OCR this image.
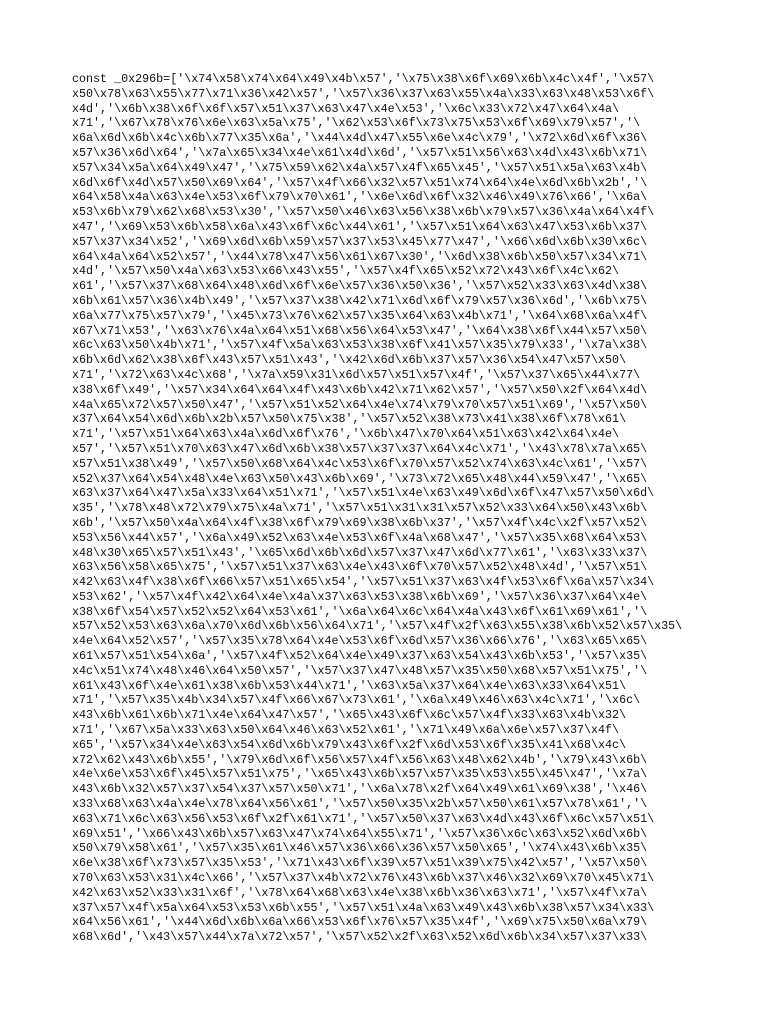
const _0x296b=['\x74\x58\x74\x64\x49\x4b\x57','\x75\x38\x6f\x69\x6b\x4c\x4f','\x57\
x50\x78\x63\x55\x77\x71\x36\x42\x57','\x57\x36\x37\x63\x55\x4a\x33\x63\x48\x53\x6f\
x4d','\x6b\x38\x6f\x6f\x57\x51\x37\x63\x47\x4e\x53','\x6c\x33\x72\x47\x64\x4a\
x71','\x67\x78\x76\x6e\x63\x5a\x75','\x62\x53\x6f\x73\x75\x53\x6f\x69\x79\x57','\
x6a\x6d\x6b\x4c\x6b\x77\x35\x6a','\x44\x4d\x47\x55\x6e\x4c\x79','\x72\x6d\x6f\x36\
x57\x36\x6d\x64','\x7a\x65\x34\x4e\x61\x4d\x6d','\x57\x51\x56\x63\x4d\x43\x6b\x71\
x57\x34\x5a\x64\x49\x47','\x75\x59\x62\x4a\x57\x4f\x65\x45','\x57\x51\x5a\x63\x4b\
x6d\x6f\x4d\x57\x50\x69\x64','\x57\x4f\x66\x32\x57\x51\x74\x64\x4e\x6d\x6b\x2b','\
x64\x58\x4a\x63\x4e\x53\x6f\x79\x70\x61','\x6e\x6d\x6f\x32\x46\x49\x76\x66','\x6a\
x53\x6b\x79\x62\x68\x53\x30','\x57\x50\x46\x63\x56\x38\x6b\x79\x57\x36\x4a\x64\x4f\
x47','\x69\x53\x6b\x58\x6a\x43\x6f\x6c\x44\x61','\x57\x51\x64\x63\x47\x53\x6b\x37\
x57\x37\x34\x52','\x69\x6d\x6b\x59\x57\x37\x53\x45\x77\x47','\x66\x6d\x6b\x30\x6c\
x64\x4a\x64\x52\x57','\x44\x78\x47\x56\x61\x67\x30','\x6d\x38\x6b\x50\x57\x34\x71\
x4d','\x57\x50\x4a\x63\x53\x66\x43\x55','\x57\x4f\x65\x52\x72\x43\x6f\x4c\x62\
x61','\x57\x37\x68\x64\x48\x6d\x6f\x6e\x57\x36\x50\x36','\x57\x52\x33\x63\x4d\x38\
x6b\x61\x57\x36\x4b\x49','\x57\x37\x38\x42\x71\x6d\x6f\x79\x57\x36\x6d','\x6b\x75\
x6a\x77\x75\x57\x79','\x45\x73\x76\x62\x57\x35\x64\x63\x4b\x71','\x64\x68\x6a\x4f\
x67\x71\x53','\x63\x76\x4a\x64\x51\x68\x56\x64\x53\x47','\x64\x38\x6f\x44\x57\x50\
x6c\x63\x50\x4b\x71','\x57\x4f\x5a\x63\x53\x38\x6f\x41\x57\x35\x79\x33','\x7a\x38\
x6b\x6d\x62\x38\x6f\x43\x57\x51\x43','\x42\x6d\x6b\x37\x57\x36\x54\x47\x57\x50\
x71','\x72\x63\x4c\x68','\x7a\x59\x31\x6d\x57\x51\x57\x4f','\x57\x37\x65\x44\x77\
x38\x6f\x49','\x57\x34\x64\x64\x4f\x43\x6b\x42\x71\x62\x57','\x57\x50\x2f\x64\x4d\
x4a\x65\x72\x57\x50\x47','\x57\x51\x52\x64\x4e\x74\x79\x70\x57\x51\x69','\x57\x50\
x37\x64\x54\x6d\x6b\x2b\x57\x50\x75\x38','\x57\x52\x38\x73\x41\x38\x6f\x78\x61\
x71','\x57\x51\x64\x63\x4a\x6d\x6f\x76','\x6b\x47\x70\x64\x51\x63\x42\x64\x4e\
x57','\x57\x51\x70\x63\x47\x6d\x6b\x38\x57\x37\x37\x64\x4c\x71','\x43\x78\x7a\x65\
x57\x51\x38\x49','\x57\x50\x68\x64\x4c\x53\x6f\x70\x57\x52\x74\x63\x4c\x61','\x57\
x52\x37\x64\x54\x48\x4e\x63\x50\x43\x6b\x69','\x73\x72\x65\x48\x44\x59\x47','\x65\
x63\x37\x64\x47\x5a\x33\x64\x51\x71','\x57\x51\x4e\x63\x49\x6d\x6f\x47\x57\x50\x6d\
x35','\x78\x48\x72\x79\x75\x4a\x71','\x57\x51\x31\x31\x57\x52\x33\x64\x50\x43\x6b\
x6b','\x57\x50\x4a\x64\x4f\x38\x6f\x79\x69\x38\x6b\x37','\x57\x4f\x4c\x2f\x57\x52\
x53\x56\x44\x57','\x6a\x49\x52\x63\x4e\x53\x6f\x4a\x68\x47','\x57\x35\x68\x64\x53\
x48\x30\x65\x57\x51\x43','\x65\x6d\x6b\x6d\x57\x37\x47\x6d\x77\x61','\x63\x33\x37\
x63\x56\x58\x65\x75','\x57\x51\x37\x63\x4e\x43\x6f\x70\x57\x52\x48\x4d','\x57\x51\
x42\x63\x4f\x38\x6f\x66\x57\x51\x65\x54','\x57\x51\x37\x63\x4f\x53\x6f\x6a\x57\x34\
x53\x62','\x57\x4f\x42\x64\x4e\x4a\x37\x63\x53\x38\x6b\x69','\x57\x36\x37\x64\x4e\
x38\x6f\x54\x57\x52\x52\x64\x53\x61','\x6a\x64\x6c\x64\x4a\x43\x6f\x61\x69\x61','\
x57\x52\x53\x63\x6a\x70\x6d\x6b\x56\x64\x71','\x57\x4f\x2f\x63\x55\x38\x6b\x52\x57\x35\
x4e\x64\x52\x57','\x57\x35\x78\x64\x4e\x53\x6f\x6d\x57\x36\x66\x76','\x63\x65\x65\
x61\x57\x51\x54\x6a','\x57\x4f\x52\x64\x4e\x49\x37\x63\x54\x43\x6b\x53','\x57\x35\
x4c\x51\x74\x48\x46\x64\x50\x57','\x57\x37\x47\x48\x57\x35\x50\x68\x57\x51\x75','\
x61\x43\x6f\x4e\x61\x38\x6b\x53\x44\x71','\x63\x5a\x37\x64\x4e\x63\x33\x64\x51\
x71','\x57\x35\x4b\x34\x57\x4f\x66\x67\x73\x61','\x6a\x49\x46\x63\x4c\x71','\x6c\
x43\x6b\x61\x6b\x71\x4e\x64\x47\x57','\x65\x43\x6f\x6c\x57\x4f\x33\x63\x4b\x32\
x71','\x67\x5a\x33\x63\x50\x64\x46\x63\x52\x61','\x71\x49\x6a\x6e\x57\x37\x4f\
x65','\x57\x34\x4e\x63\x54\x6d\x6b\x79\x43\x6f\x2f\x6d\x53\x6f\x35\x41\x68\x4c\
x72\x62\x43\x6b\x55','\x79\x6d\x6f\x56\x57\x4f\x56\x63\x48\x62\x4b','\x79\x43\x6b\
x4e\x6e\x53\x6f\x45\x57\x51\x75','\x65\x43\x6b\x57\x57\x35\x53\x55\x45\x47','\x7a\
x43\x6b\x32\x57\x37\x54\x37\x57\x50\x71','\x6a\x78\x2f\x64\x49\x61\x69\x38','\x46\
x33\x68\x63\x4a\x4e\x78\x64\x56\x61','\x57\x50\x35\x2b\x57\x50\x61\x57\x78\x61','\
x63\x71\x6c\x63\x56\x53\x6f\x2f\x61\x71','\x57\x50\x37\x63\x4d\x43\x6f\x6c\x57\x51\
x69\x51','\x66\x43\x6b\x57\x63\x47\x74\x64\x55\x71','\x57\x36\x6c\x63\x52\x6d\x6b\
x50\x79\x58\x61','\x57\x35\x61\x46\x57\x36\x66\x36\x57\x50\x65','\x74\x43\x6b\x35\
x6e\x38\x6f\x73\x57\x35\x53','\x71\x43\x6f\x39\x57\x51\x39\x75\x42\x57','\x57\x50\
x70\x63\x53\x31\x4c\x66','\x57\x37\x4b\x72\x76\x43\x6b\x37\x46\x32\x69\x70\x45\x71\
x42\x63\x52\x33\x31\x6f','\x78\x64\x68\x63\x4e\x38\x6b\x36\x63\x71','\x57\x4f\x7a\
x37\x57\x4f\x5a\x64\x53\x53\x6b\x55','\x57\x51\x4a\x63\x49\x43\x6b\x38\x57\x34\x33\
x64\x56\x61','\x44\x6d\x6b\x6a\x66\x53\x6f\x76\x57\x35\x4f','\x69\x75\x50\x6a\x79\
x68\x6d','\x43\x57\x44\x7a\x72\x57','\x57\x52\x2f\x63\x52\x6d\x6b\x34\x57\x37\x33\
